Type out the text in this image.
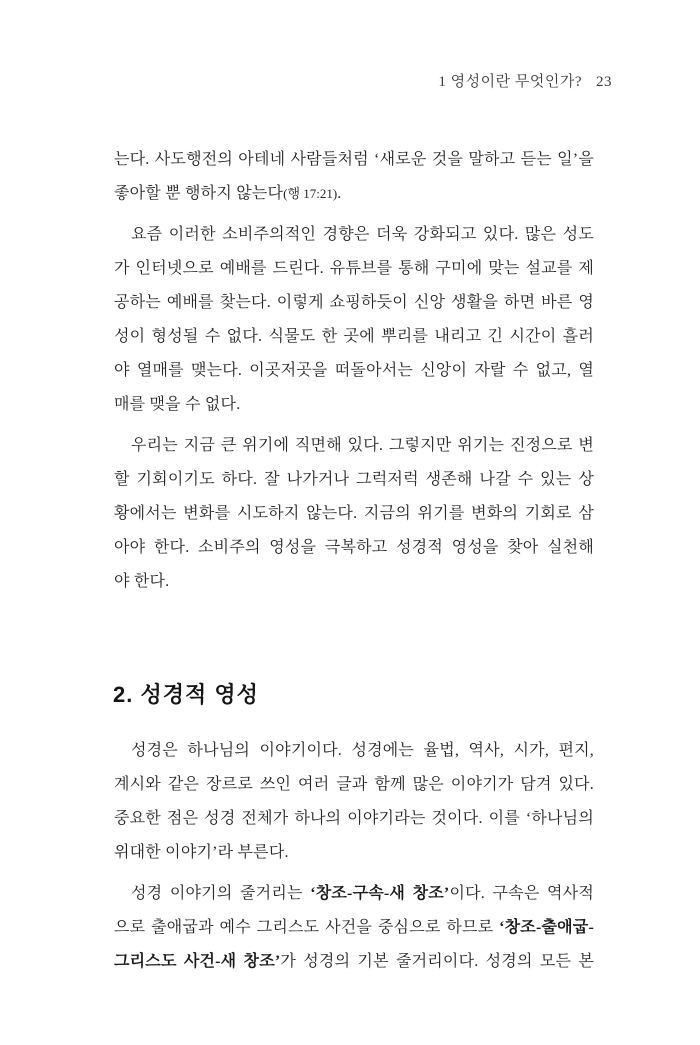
1 영성이란 무엇인가? 23
는다. 사도행전의 아테네 사람들처럼 ‘새로운 것을 말하고 듣는 일’을
좋아할 뿐 행하지 않는다(행 17:21).
요즘 이러한 소비주의적인 경향은 더욱 강화되고 있다. 많은 성도
가 인터넷으로 예배를 드린다. 유튜브를 통해 구미에 맞는 설교를 제
공하는 예배를 찾는다. 이렇게 쇼핑하듯이 신앙 생활을 하면 바른 영
성이 형성될 수 없다. 식물도 한 곳에 뿌리를 내리고 긴 시간이 흘러
야 열매를 맺는다. 이곳저곳을 떠돌아서는 신앙이 자랄 수 없고, 열
매를 맺을 수 없다.
우리는 지금 큰 위기에 직면해 있다. 그렇지만 위기는 진정으로 변
할 기회이기도 하다. 잘 나가거나 그럭저럭 생존해 나갈 수 있는 상
황에서는 변화를 시도하지 않는다. 지금의 위기를 변화의 기회로 삼
아야 한다. 소비주의 영성을 극복하고 성경적 영성을 찾아 실천해
야 한다.
2. 성경적 영성
성경은 하나님의 이야기이다. 성경에는 율법, 역사, 시가, 편지,
계시와 같은 장르로 쓰인 여러 글과 함께 많은 이야기가 담겨 있다.
중요한 점은 성경 전체가 하나의 이야기라는 것이다. 이를 ‘하나님의
위대한 이야기’라 부른다.
성경 이야기의 줄거리는 ‘창조-구속-새 창조’이다. 구속은 역사적
으로 출애굽과 예수 그리스도 사건을 중심으로 하므로 ‘창조-출애굽-
그리스도 사건-새 창조’가 성경의 기본 줄거리이다. 성경의 모든 본
